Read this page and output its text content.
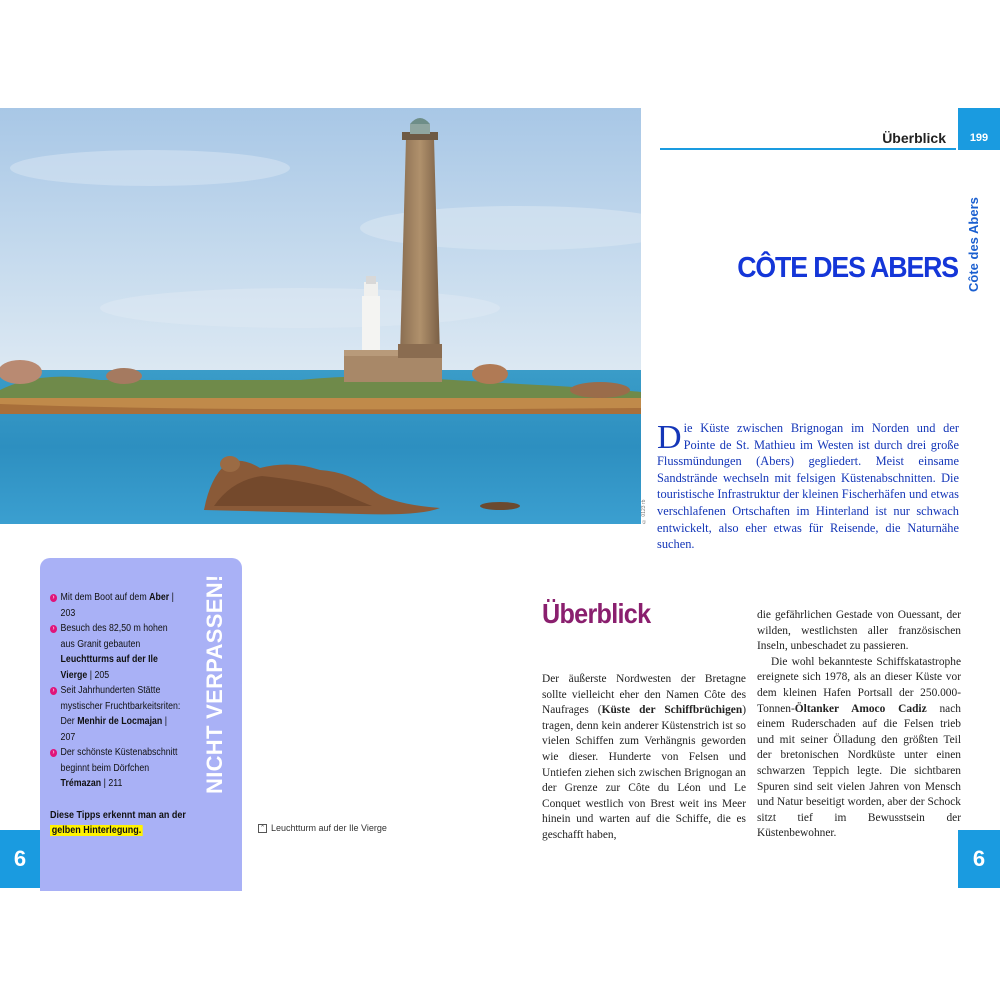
© 0123 rb
Überblick	199
Côte des Abers
CÔTE DES ABERS
Die Küste zwischen Brignogan im Norden und der Pointe de St. Mathieu im Westen ist durch drei große Flussmündungen (Abers) gegliedert. Meist einsame Sandstrände wechseln mit felsigen Küstenabschnitten. Die touristische Infrastruktur der kleinen Fischerhäfen und etwas verschlafenen Ortschaften im Hinterland ist nur schwach entwickelt, also eher etwas für Reisende, die Naturnähe suchen.
› Mit dem Boot auf dem Aber | 203
› Besuch des 82,50 m hohen aus Granit gebauten Leuchtturms auf der Ile Vierge | 205
› Seit Jahrhunderten Stätte mystischer Fruchtbarkeitsriten: Der Menhir de Locmajan | 207
› Der schönste Küstenabschnitt beginnt beim Dörfchen Trémazan | 211	NICHT VERPASSEN!
Diese Tipps erkennt man an der gelben Hinterlegung.
6	6
⌃ Leuchtturm auf der Ile Vierge
Überblick

Der äußerste Nordwesten der Bretagne sollte vielleicht eher den Namen Côte des Naufrages (Küste der Schiffbrüchigen) tragen, denn kein anderer Küstenstrich ist so vielen Schiffen zum Verhängnis geworden wie dieser. Hunderte von Felsen und Untiefen ziehen sich zwischen Brignogan an der Grenze zur Côte du Léon und Le Conquet westlich von Brest weit ins Meer hinein und warten auf die Schiffe, die es geschafft haben,

die gefährlichen Gestade von Ouessant, der wilden, westlichsten aller französischen Inseln, unbeschadet zu passieren.

Die wohl bekannteste Schiffskatastrophe ereignete sich 1978, als an dieser Küste vor dem kleinen Hafen Portsall der 250.000-Tonnen-Öltanker Amoco Cadiz nach einem Ruderschaden auf die Felsen trieb und mit seiner Ölladung den größten Teil der bretonischen Nordküste unter einen schwarzen Teppich legte. Die sichtbaren Spuren sind seit vielen Jahren von Mensch und Natur beseitigt worden, aber der Schock sitzt tief im Bewusstsein der Küstenbewohner.
